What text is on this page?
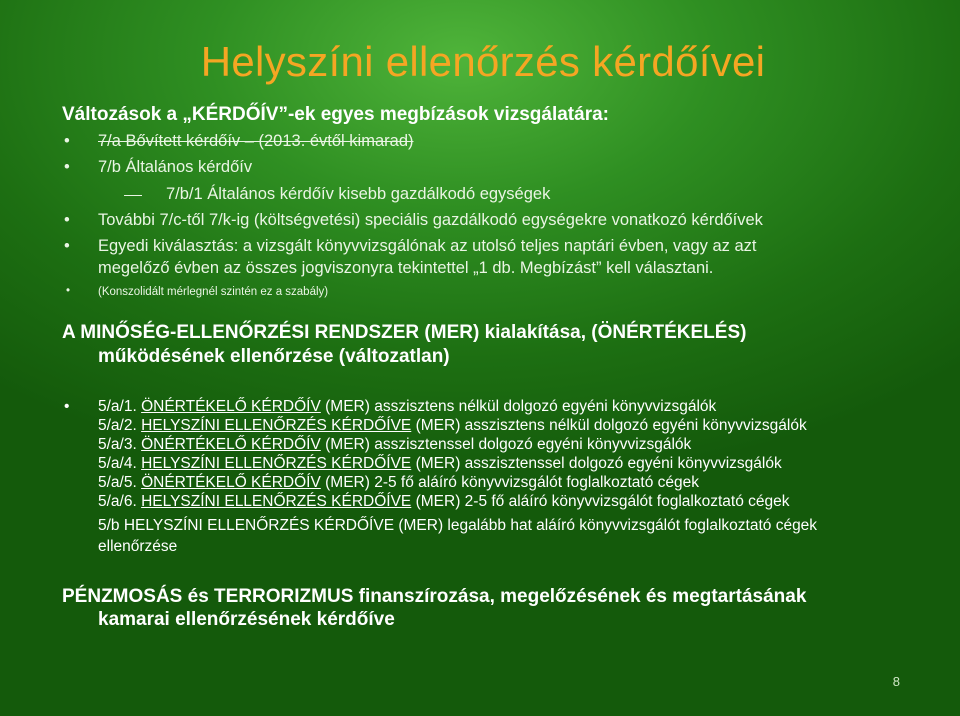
Helyszíni ellenőrzés kérdőívei
Változások a „KÉRDŐÍV”-ek egyes megbízások vizsgálatára:
• 7/a Bővített kérdőív – (2013. évtől kimarad)
• 7/b Általános kérdőív
7/b/1 Általános kérdőív kisebb gazdálkodó egységek
• További 7/c-től 7/k-ig (költségvetési) speciális gazdálkodó egységekre vonatkozó kérdőívek
• Egyedi kiválasztás: a vizsgált könyvvizsgálónak az utolsó teljes naptári évben, vagy az azt
megelőző évben az összes jogviszonyra tekintettel „1 db. Megbízást” kell választani.
• (Konszolidált mérlegnél szintén ez a szabály)
A MINŐSÉG-ELLENŐRZÉSI RENDSZER (MER) kialakítása, (ÖNÉRTÉKELÉS)
működésének ellenőrzése (változatlan)
• 5/a/1. ÖNÉRTÉKELŐ KÉRDŐÍV (MER) asszisztens nélkül dolgozó egyéni könyvvizsgálók
5/a/2. HELYSZÍNI ELLENŐRZÉS KÉRDŐÍVE (MER) asszisztens nélkül dolgozó egyéni könyvvizsgálók
5/a/3. ÖNÉRTÉKELŐ KÉRDŐÍV (MER) asszisztenssel dolgozó egyéni könyvvizsgálók
5/a/4. HELYSZÍNI ELLENŐRZÉS KÉRDŐÍVE (MER) asszisztenssel dolgozó egyéni könyvvizsgálók
5/a/5. ÖNÉRTÉKELŐ KÉRDŐÍV (MER) 2-5 fő aláíró könyvvizsgálót foglalkoztató cégek
5/a/6. HELYSZÍNI ELLENŐRZÉS KÉRDŐÍVE (MER) 2-5 fő aláíró könyvvizsgálót foglalkoztató cégek
5/b HELYSZÍNI ELLENŐRZÉS KÉRDŐÍVE (MER) legalább hat aláíró könyvvizsgálót foglalkoztató cégek
ellenőrzése
PÉNZMOSÁS és TERRORIZMUS finanszírozása, megelőzésének és megtartásának
kamarai ellenőrzésének kérdőíve
8
